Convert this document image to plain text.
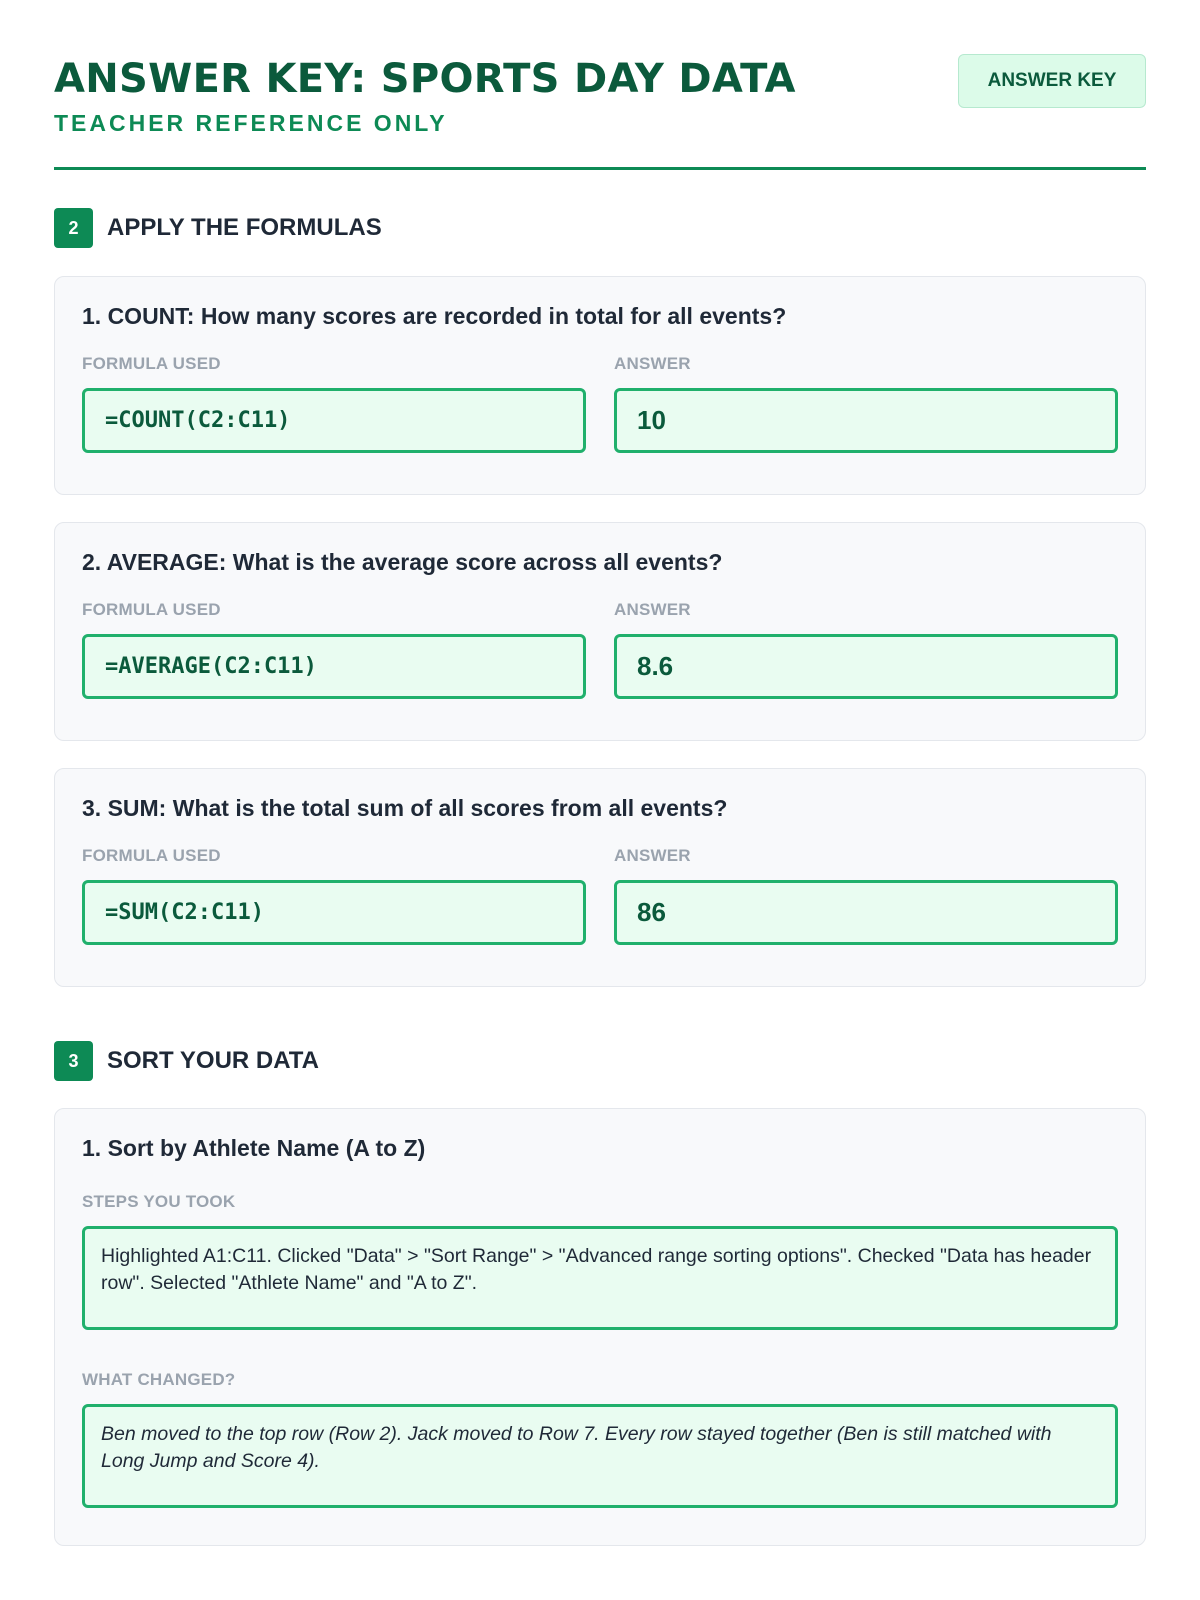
ANSWER KEY: SPORTS DAY DATA
TEACHER REFERENCE ONLY
ANSWER KEY
2	APPLY THE FORMULAS

1. COUNT: How many scores are recorded in total for all events?

FORMULA USED
=COUNT(C2:C11)
ANSWER
10

2. AVERAGE: What is the average score across all events?

FORMULA USED
=AVERAGE(C2:C11)
ANSWER
8.6

3. SUM: What is the total sum of all scores from all events?

FORMULA USED
=SUM(C2:C11)
ANSWER
86
3	SORT YOUR DATA

1. Sort by Athlete Name (A to Z)

STEPS YOU TOOK
Highlighted A1:C11. Clicked "Data" > "Sort Range" > "Advanced range sorting options". Checked "Data has header row". Selected "Athlete Name" and "A to Z".
WHAT CHANGED?
Ben moved to the top row (Row 2). Jack moved to Row 7. Every row stayed together (Ben is still matched with Long Jump and Score 4).
